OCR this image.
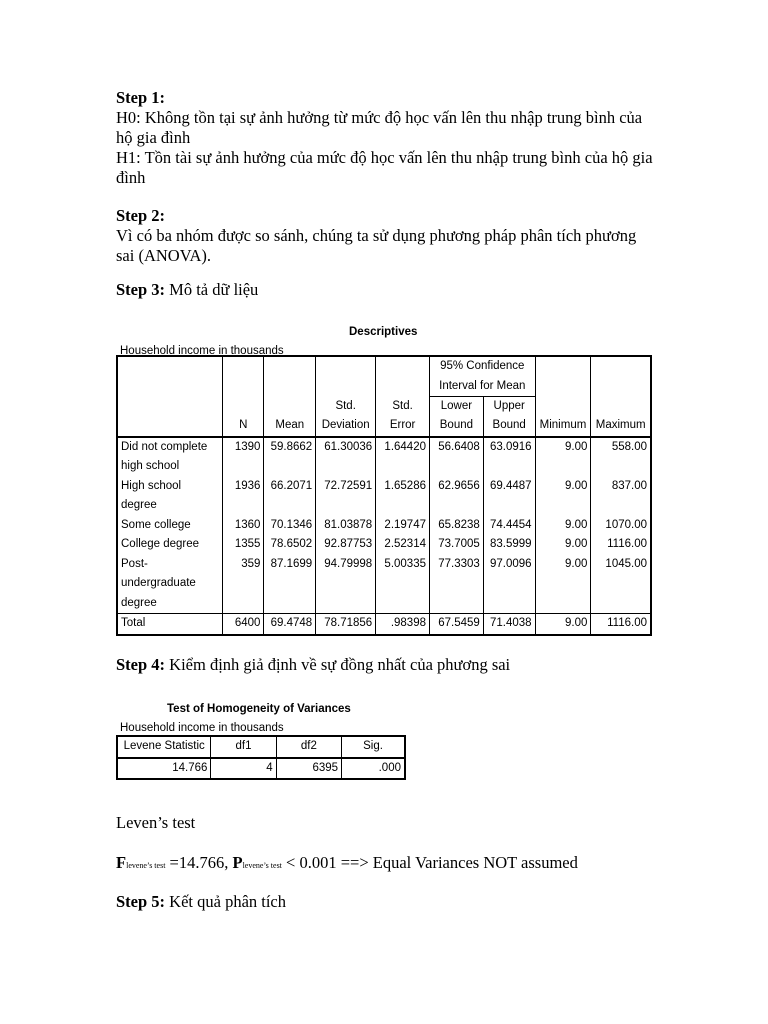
Step 1:
H0: Không tồn tại sự ảnh hưởng từ mức độ học vấn lên thu nhập trung bình của hộ gia đình
H1: Tồn tài sự ảnh hưởng của mức độ học vấn lên thu nhập trung bình của hộ gia đình
Step 2:
Vì có ba nhóm được so sánh, chúng ta sử dụng phương pháp phân tích phương sai (ANOVA).
Step 3: Mô tả dữ liệu
Descriptives
Household income in thousands

					95% Confidence
Interval for Mean			

			Std.	Std.	Lower	Upper		
	N	Mean	Deviation	Error	Bound	Bound	Minimum	Maximum

Did not complete
high school	1390	59.8662	61.30036	1.64420	56.6408	63.0916	9.00	558.00

High school
degree	1936	66.2071	72.72591	1.65286	62.9656	69.4487	9.00	837.00

Some college	1360	70.1346	81.03878	2.19747	65.8238	74.4454	9.00	1070.00

College degree	1355	78.6502	92.87753	2.52314	73.7005	83.5999	9.00	1116.00

Post-
undergraduate
degree	359	87.1699	94.79998	5.00335	77.3303	97.0096	9.00	1045.00

Total	6400	69.4748	78.71856	.98398	67.5459	71.4038	9.00	1116.00
Step 4: Kiểm định giả định về sự đồng nhất của phương sai
Test of Homogeneity of Variances
Household income in thousands
Levene Statistic	df1	df2	Sig.
14.766	4	6395	.000
Leven’s test
Flevene’s test =14.766, Plevene’s test < 0.001 ==> Equal Variances NOT assumed
Step 5: Kết quả phân tích
